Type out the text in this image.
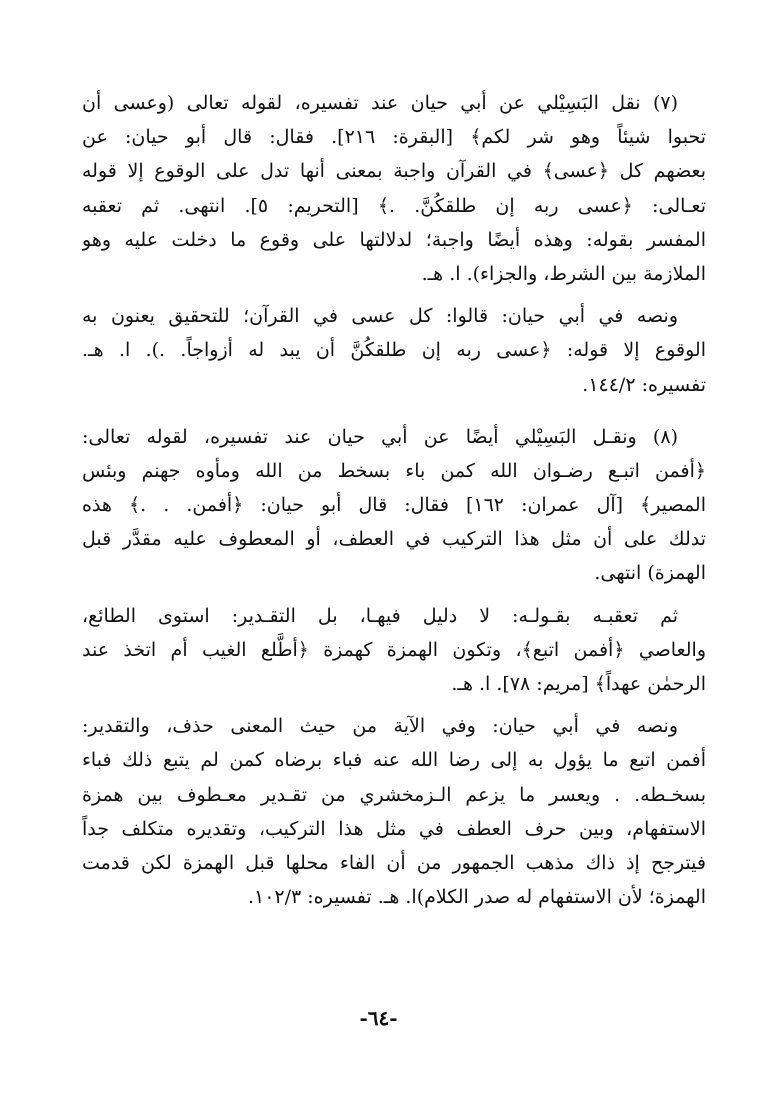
(٧) نقل البَسِيْلي عن أبي حيان عند تفسيره، لقوله تعالى (وعسى أن
تحبوا شيئاً وهو شر لكم﴾ [البقرة: ٢١٦]. فقال: قال أبو حيان: عن
بعضهم كل ﴿عسى﴾ في القرآن واجبة بمعنى أنها تدل على الوقوع إلا قوله
تعـالى: ﴿عسى ربه إن طلقكُنَّ. .﴾ [التحريم: ٥]. انتهى. ثم تعقبه
المفسر بقوله: وهذه أيضًا واجبة؛ لدلالتها على وقوع ما دخلت عليه وهو
الملازمة بين الشرط، والجزاء). ا. هـ.
ونصه في أبي حيان: قالوا: كل عسى في القرآن؛ للتحقيق يعنون به
الوقوع إلا قوله: ﴿عسى ربه إن طلقكُنَّ أن يبد له أزواجاً. .). ا. هـ.
تفسيره: ١٤٤/٢.
(٨) ونقـل البَسِيْلي أيضًا عن أبي حيان عند تفسيره، لقوله تعالى:
﴿أفمن اتبـع رضـوان الله كمن باء بسخط من الله ومأوه جهنم وبئس
المصير﴾ [آل عمران: ١٦٢] فقال: قال أبو حيان: ﴿أفمن. . .﴾ هذه
تدلك على أن مثل هذا التركيب في العطف، أو المعطوف عليه مقدَّر قبل
الهمزة) انتهى.
ثم تعقبـه بقـولـه: لا دليل فيهـا، بل التقـدير: استوى الطائع،
والعاصي ﴿أفمن اتبع﴾، وتكون الهمزة كهمزة ﴿أطَّلع الغيب أم اتخذ عند
الرحمٰن عهداً﴾ [مريم: ٧٨]. ا. هـ.
ونصه في أبي حيان: وفي الآية من حيث المعنى حذف، والتقدير:
أفمن اتبع ما يؤول به إلى رضا الله عنه فباء برضاه كمن لم يتبع ذلك فباء
بسخـطه. . ويعسر ما يزعم الـزمخشري من تقـدير معـطوف بين همزة
الاستفهام، وبين حرف العطف في مثل هذا التركيب، وتقديره متكلف جداً
فيترجح إذ ذاك مذهب الجمهور من أن الفاء محلها قبل الهمزة لكن قدمت
الهمزة؛ لأن الاستفهام له صدر الكلام)ا. هـ. تفسيره: ١٠٢/٣.
-٦٤-
